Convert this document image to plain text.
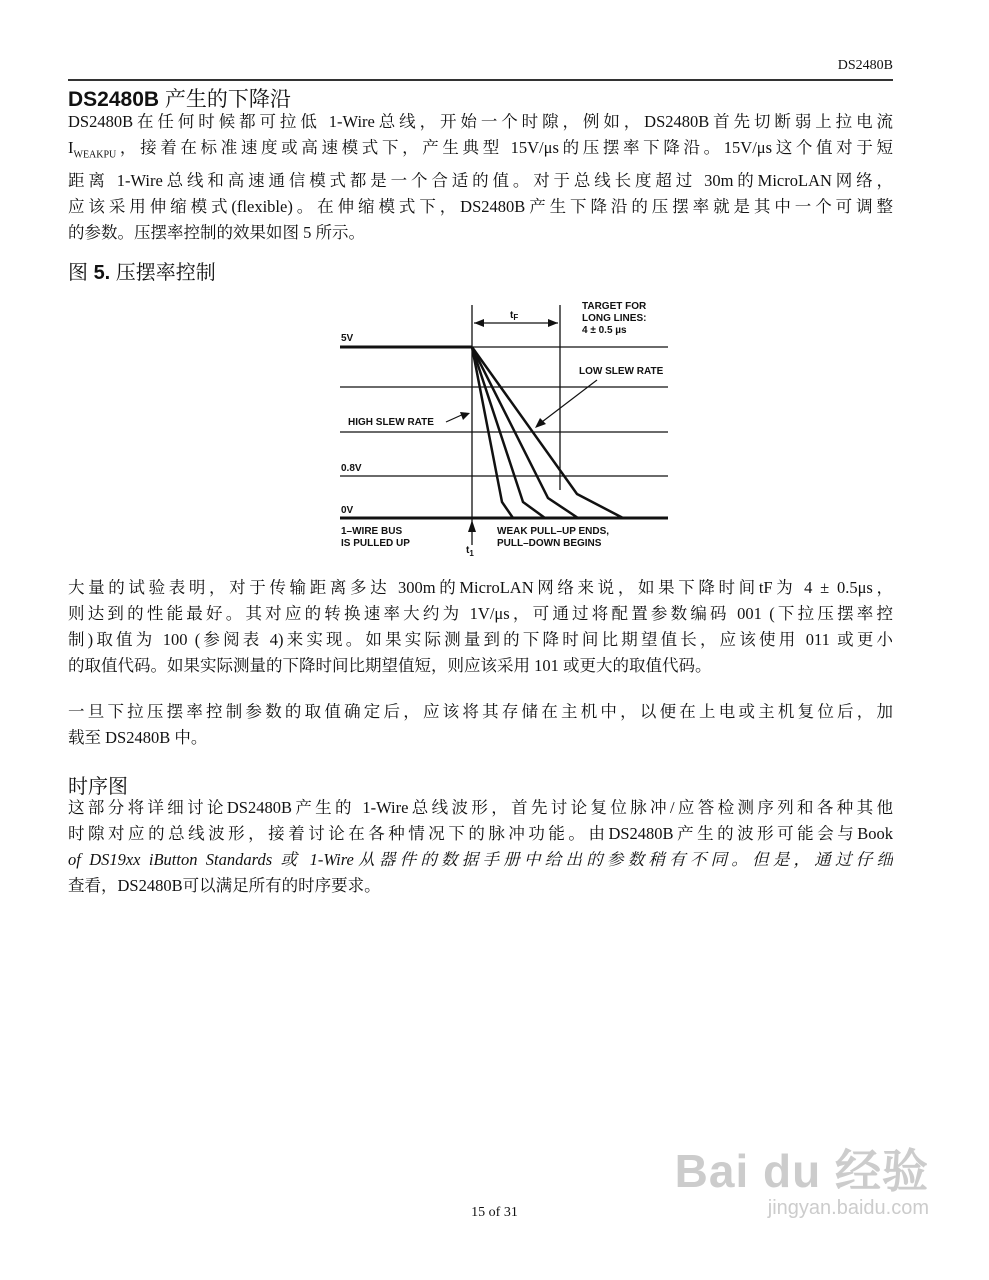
DS2480B
DS2480B 产生的下降沿
DS2480B在任何时候都可拉低 1-Wire总线，开始一个时隙，例如，DS2480B首先切断弱上拉电流
$I_{WEAKPU}$，接着在标准速度或高速模式下，产生典型 15V/μs的压摆率下降沿。15V/μs这个值对于短
距离 1-Wire总线和高速通信模式都是一个合适的值。对于总线长度超过 30m的MicroLAN网络，
应该采用伸缩模式(flexible)。在伸缩模式下，DS2480B产生下降沿的压摆率就是其中一个可调整
的参数。压摆率控制的效果如图 5 所示。
图 5. 压摆率控制
5V
0.8V
0V
$t_F$
TARGET FOR
LONG LINES:
4 ± 0.5 µs
LOW SLEW RATE
HIGH SLEW RATE
1–WIRE BUS
IS PULLED UP
WEAK PULL–UP ENDS,
PULL–DOWN BEGINS
$t_1$
大量的试验表明，对于传输距离多达 300m的MicroLAN网络来说，如果下降时间tF为 4 ± 0.5μs，
则达到的性能最好。其对应的转换速率大约为 1V/μs，可通过将配置参数编码 001 (下拉压摆率控
制)取值为 100 (参阅表 4)来实现。如果实际测量到的下降时间比期望值长，应该使用 011 或更小
的取值代码。如果实际测量的下降时间比期望值短，则应该采用 101 或更大的取值代码。
一旦下拉压摆率控制参数的取值确定后，应该将其存储在主机中，以便在上电或主机复位后，加
载至 DS2480B 中。
时序图
这部分将详细讨论DS2480B产生的 1-Wire总线波形，首先讨论复位脉冲/应答检测序列和各种其他
时隙对应的总线波形，接着讨论在各种情况下的脉冲功能。由DS2480B产生的波形可能会与Book
of DS19xx iButton Standards 或 1-Wire从器件的数据手册中给出的参数稍有不同。但是，通过仔细
查看，DS2480B可以满足所有的时序要求。
15 of 31
Bai du 经验
jingyan.baidu.com
